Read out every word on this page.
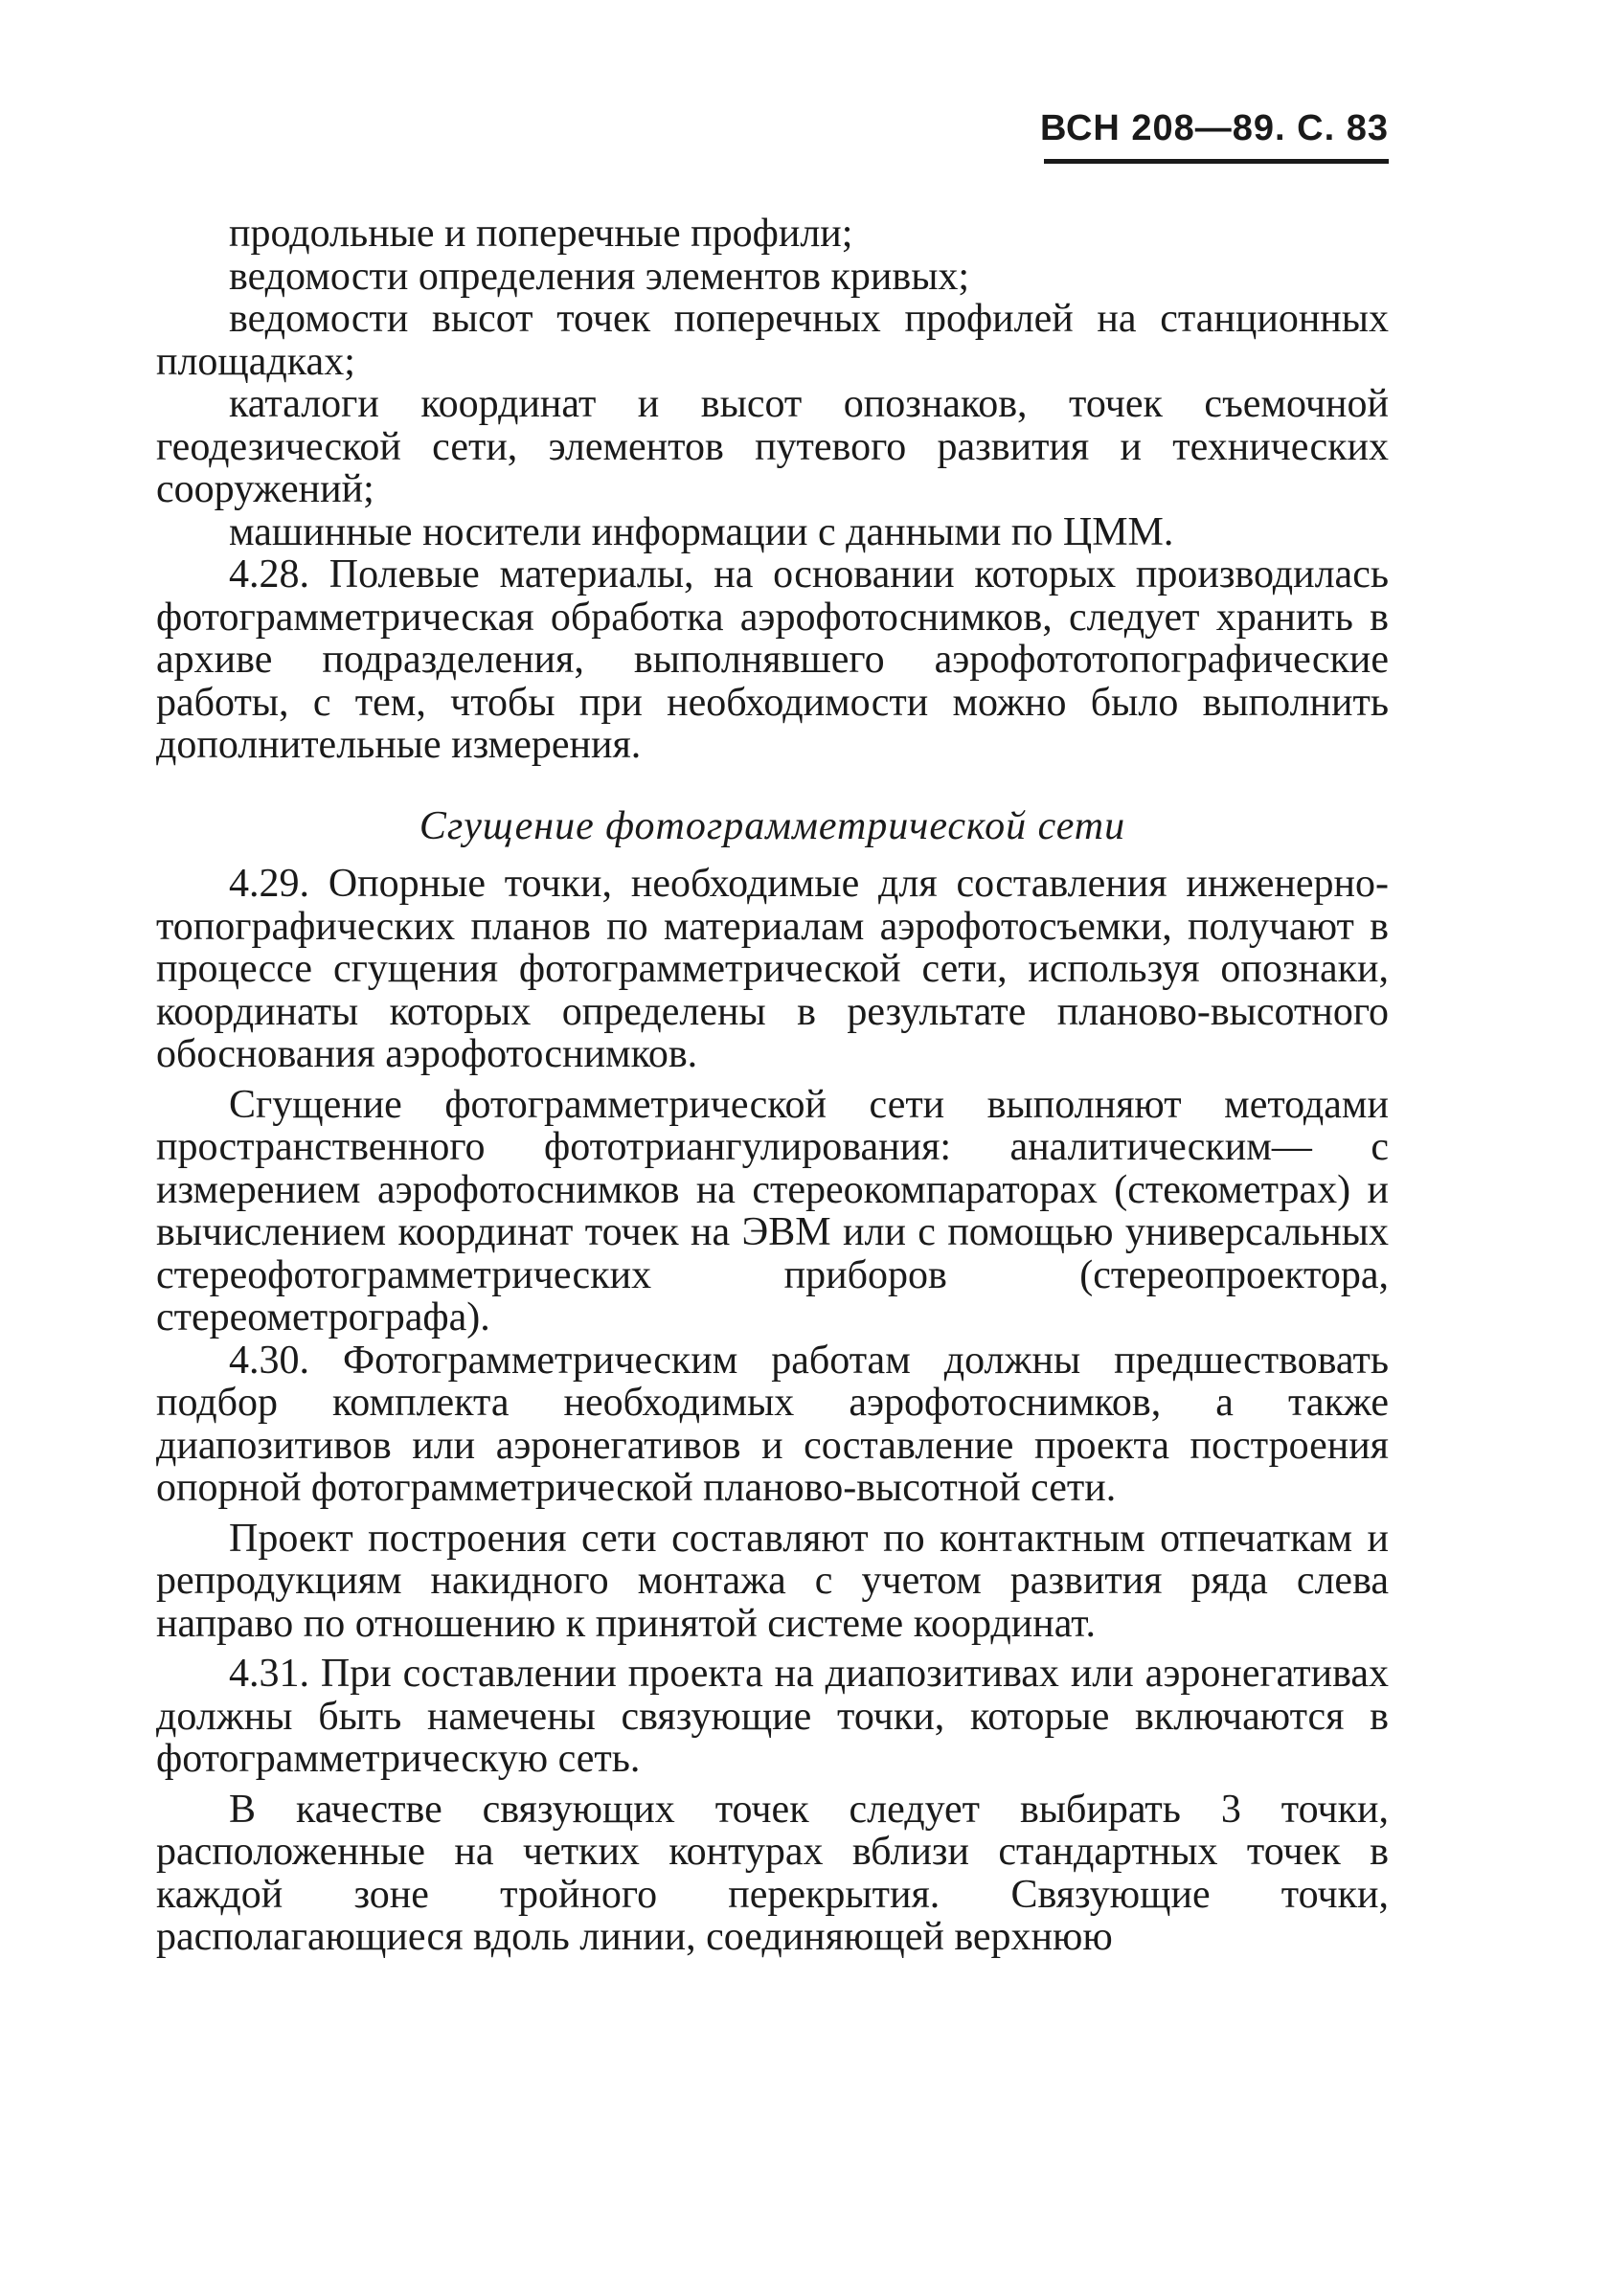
ВСН 208—89. С. 83

продольные и поперечные профили;

ведомости определения элементов кривых;

ведомости высот точек поперечных профилей на станционных площадках;

каталоги координат и высот опознаков, точек съемочной геодезической сети, элементов путевого развития и технических сооружений;

машинные носители информации с данными по ЦММ.

4.28. Полевые материалы, на основании которых производилась фотограмметрическая обработка аэрофотоснимков, следует хранить в архиве подразделения, выполнявшего аэрофототопографические работы, с тем, чтобы при необходимости можно было выполнить дополнительные измерения.

Сгущение фотограмметрической сети

4.29. Опорные точки, необходимые для составления инженерно-топографических планов по материалам аэрофотосъемки, получают в процессе сгущения фотограмметрической сети, используя опознаки, координаты которых определены в результате планово-высотного обоснования аэрофотоснимков.

Сгущение фотограмметрической сети выполняют методами пространственного фототриангулирования: аналитическим— с измерением аэрофотоснимков на стереокомпараторах (стекометрах) и вычислением координат точек на ЭВМ или с помощью универсальных стереофотограмметрических приборов (стереопроектора, стереометрографа).

4.30. Фотограмметрическим работам должны предшествовать подбор комплекта необходимых аэрофотоснимков, а также диапозитивов или аэронегативов и составление проекта построения опорной фотограмметрической планово-высотной сети.

Проект построения сети составляют по контактным отпечаткам и репродукциям накидного монтажа с учетом развития ряда слева направо по отношению к принятой системе координат.

4.31. При составлении проекта на диапозитивах или аэронегативах должны быть намечены связующие точки, которые включаются в фотограмметрическую сеть.

В качестве связующих точек следует выбирать 3 точки, расположенные на четких контурах вблизи стандартных точек в каждой зоне тройного перекрытия. Связующие точки, располагающиеся вдоль линии, соединяющей верхнюю
